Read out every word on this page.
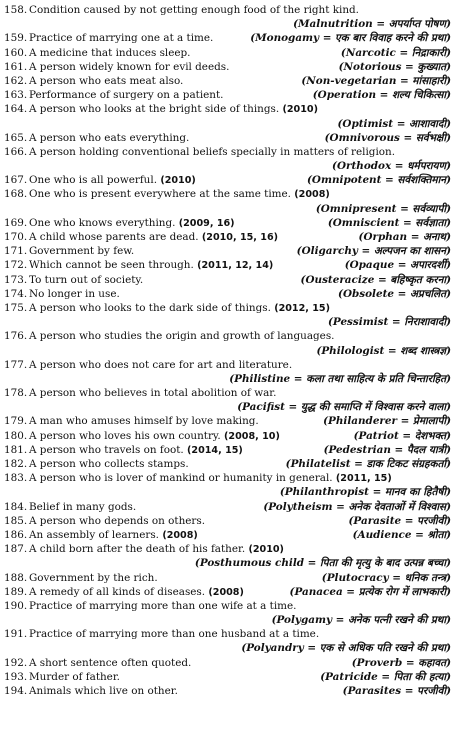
158. Condition caused by not getting enough food of the right kind.
(Malnutrition = अपर्याप्त पोषण)
159. Practice of marrying one at a time.	(Monogamy = एक बार विवाह करने की प्रथा)
160. A medicine that induces sleep.	(Narcotic = निद्राकारी)
161. A person widely known for evil deeds.	(Notorious = कुख्यात)
162. A person who eats meat also.	(Non-vegetarian = मांसाहारी)
163. Performance of surgery on a patient.	(Operation = शल्य चिकित्सा)
164. A person who looks at the bright side of things. (2010)
(Optimist = आशावादी)
165. A person who eats everything.	(Omnivorous = सर्वभक्षी)
166. A person holding conventional beliefs specially in matters of religion.
(Orthodox = धर्मपरायण)
167. One who is all powerful. (2010)	(Omnipotent = सर्वशक्तिमान)
168. One who is present everywhere at the same time. (2008)
(Omnipresent = सर्वव्यापी)
169. One who knows everything. (2009, 16)	(Omniscient = सर्वज्ञाता)
170. A child whose parents are dead. (2010, 15, 16)	(Orphan = अनाथ)
171. Government by few.	(Oligarchy = अल्पजन का शासन)
172. Which cannot be seen through. (2011, 12, 14)	(Opaque = अपारदर्शी)
173. To turn out of society.	(Ousteracize = बहिष्कृत करना)
174. No longer in use.	(Obsolete = अप्रचलित)
175. A person who looks to the dark side of things. (2012, 15)
(Pessimist = निराशावादी)
176. A person who studies the origin and growth of languages.
(Philologist = शब्द शास्त्रज्ञ)
177. A person who does not care for art and literature.
(Philistine = कला तथा साहित्य के प्रति चिन्तारहित)
178. A person who believes in total abolition of war.
(Pacifist = युद्ध की समाप्ति में विश्वास करने वाला)
179. A man who amuses himself by love making.	(Philanderer = प्रेमालापी)
180. A person who loves his own country. (2008, 10)	(Patriot = देशभक्त)
181. A person who travels on foot. (2014, 15)	(Pedestrian = पैदल यात्री)
182. A person who collects stamps.	(Philatelist = डाक टिकट संग्रहकर्ता)
183. A person who is lover of mankind or humanity in general. (2011, 15)
(Philanthropist = मानव का हितैषी)
184. Belief in many gods.	(Polytheism = अनेक देवताओं में विश्वास)
185. A person who depends on others.	(Parasite = परजीवी)
186. An assembly of learners. (2008)	(Audience = श्रोता)
187. A child born after the death of his father. (2010)
(Posthumous child = पिता की मृत्यु के बाद उत्पन्न बच्चा)
188. Government by the rich.	(Plutocracy = धनिक तन्त्र)
189. A remedy of all kinds of diseases. (2008)	(Panacea = प्रत्येक रोग में लाभकारी)
190. Practice of marrying more than one wife at a time.
(Polygamy = अनेक पत्नी रखने की प्रथा)
191. Practice of marrying more than one husband at a time.
(Polyandry = एक से अधिक पति रखने की प्रथा)
192. A short sentence often quoted.	(Proverb = कहावत)
193. Murder of father.	(Patricide = पिता की हत्या)
194. Animals which live on other.	(Parasites = परजीवी)
